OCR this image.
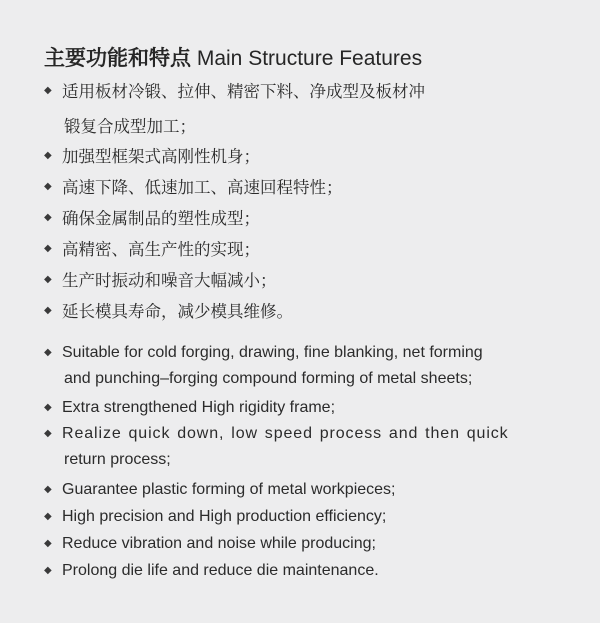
主要功能和特点 Main Structure Features
◆ 适用板材冷锻、拉伸、精密下料、净成型及板材冲
锻复合成型加工；
◆ 加强型框架式高刚性机身；
◆ 高速下降、低速加工、高速回程特性；
◆ 确保金属制品的塑性成型；
◆ 高精密、高生产性的实现；
◆ 生产时振动和噪音大幅减小；
◆ 延长模具寿命，减少模具维修。
◆ Suitable for cold forging, drawing, fine blanking, net forming
and punching–forging compound forming of metal sheets;
◆ Extra strengthened High rigidity frame;
◆ Realize quick down, low speed process and then quick
return process;
◆ Guarantee plastic forming of metal workpieces;
◆ High precision and High production efficiency;
◆ Reduce vibration and noise while producing;
◆ Prolong die life and reduce die maintenance.
